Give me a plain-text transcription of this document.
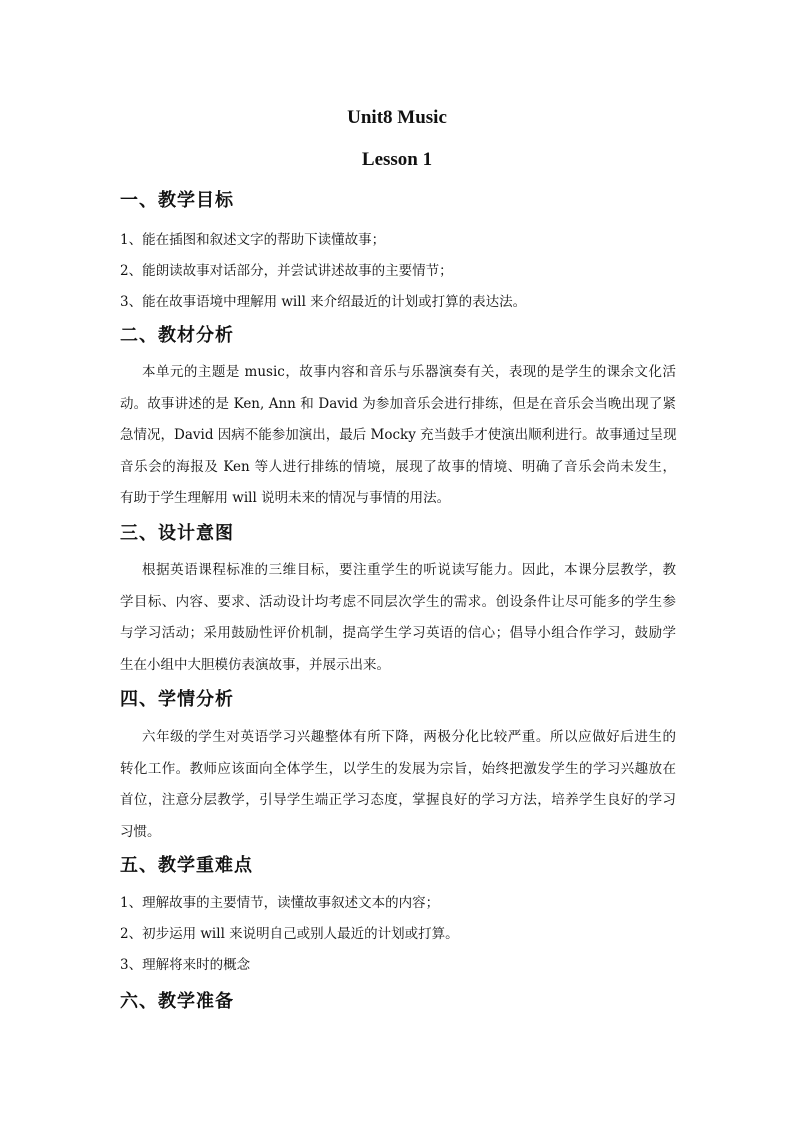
Unit8 Music
Lesson 1
一、教学目标

1、能在插图和叙述文字的帮助下读懂故事；

2、能朗读故事对话部分，并尝试讲述故事的主要情节；

3、能在故事语境中理解用 will 来介绍最近的计划或打算的表达法。

二、教材分析
本单元的主题是 music，故事内容和音乐与乐器演奏有关，表现的是学生的课余文化活
动。故事讲述的是 Ken, Ann 和 David 为参加音乐会进行排练，但是在音乐会当晚出现了紧
急情况，David 因病不能参加演出，最后 Mocky 充当鼓手才使演出顺利进行。故事通过呈现
音乐会的海报及 Ken 等人进行排练的情境，展现了故事的情境、明确了音乐会尚未发生，
有助于学生理解用 will 说明未来的情况与事情的用法。
三、设计意图
根据英语课程标准的三维目标，要注重学生的听说读写能力。因此，本课分层教学，教
学目标、内容、要求、活动设计均考虑不同层次学生的需求。创设条件让尽可能多的学生参
与学习活动；采用鼓励性评价机制，提高学生学习英语的信心；倡导小组合作学习，鼓励学
生在小组中大胆模仿表演故事，并展示出来。
四、学情分析
六年级的学生对英语学习兴趣整体有所下降，两极分化比较严重。所以应做好后进生的
转化工作。教师应该面向全体学生，以学生的发展为宗旨，始终把激发学生的学习兴趣放在
首位，注意分层教学，引导学生端正学习态度，掌握良好的学习方法，培养学生良好的学习
习惯。
五、教学重难点

1、理解故事的主要情节，读懂故事叙述文本的内容；

2、初步运用 will 来说明自己或别人最近的计划或打算。

3、理解将来时的概念

六、教学准备
